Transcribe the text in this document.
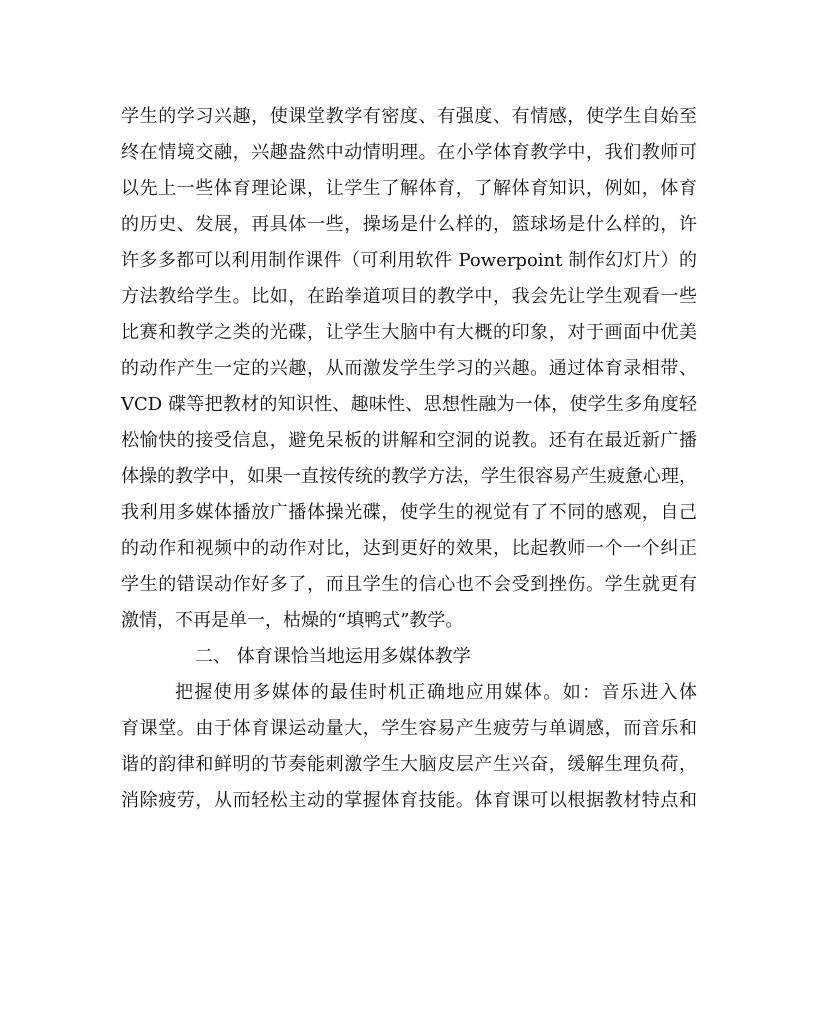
学生的学习兴趣，使课堂教学有密度、有强度、有情感，使学生自始至
终在情境交融，兴趣盎然中动情明理。在小学体育教学中，我们教师可
以先上一些体育理论课，让学生了解体育，了解体育知识，例如，体育
的历史、发展，再具体一些，操场是什么样的，篮球场是什么样的，许
许多多都可以利用制作课件（可利用软件 Powerpoint 制作幻灯片）的
方法教给学生。比如，在跆拳道项目的教学中，我会先让学生观看一些
比赛和教学之类的光碟，让学生大脑中有大概的印象，对于画面中优美
的动作产生一定的兴趣，从而激发学生学习的兴趣。通过体育录相带、
VCD 碟等把教材的知识性、趣味性、思想性融为一体，使学生多角度轻
松愉快的接受信息，避免呆板的讲解和空洞的说教。还有在最近新广播
体操的教学中，如果一直按传统的教学方法，学生很容易产生疲惫心理，
我利用多媒体播放广播体操光碟，使学生的视觉有了不同的感观，自己
的动作和视频中的动作对比，达到更好的效果，比起教师一个一个纠正
学生的错误动作好多了，而且学生的信心也不会受到挫伤。学生就更有
激情，不再是单一，枯燥的“填鸭式”教学。
二、 体育课恰当地运用多媒体教学
把握使用多媒体的最佳时机正确地应用媒体。如：音乐进入体
育课堂。由于体育课运动量大，学生容易产生疲劳与单调感，而音乐和
谐的韵律和鲜明的节奏能刺激学生大脑皮层产生兴奋，缓解生理负荷，
消除疲劳，从而轻松主动的掌握体育技能。体育课可以根据教材特点和
